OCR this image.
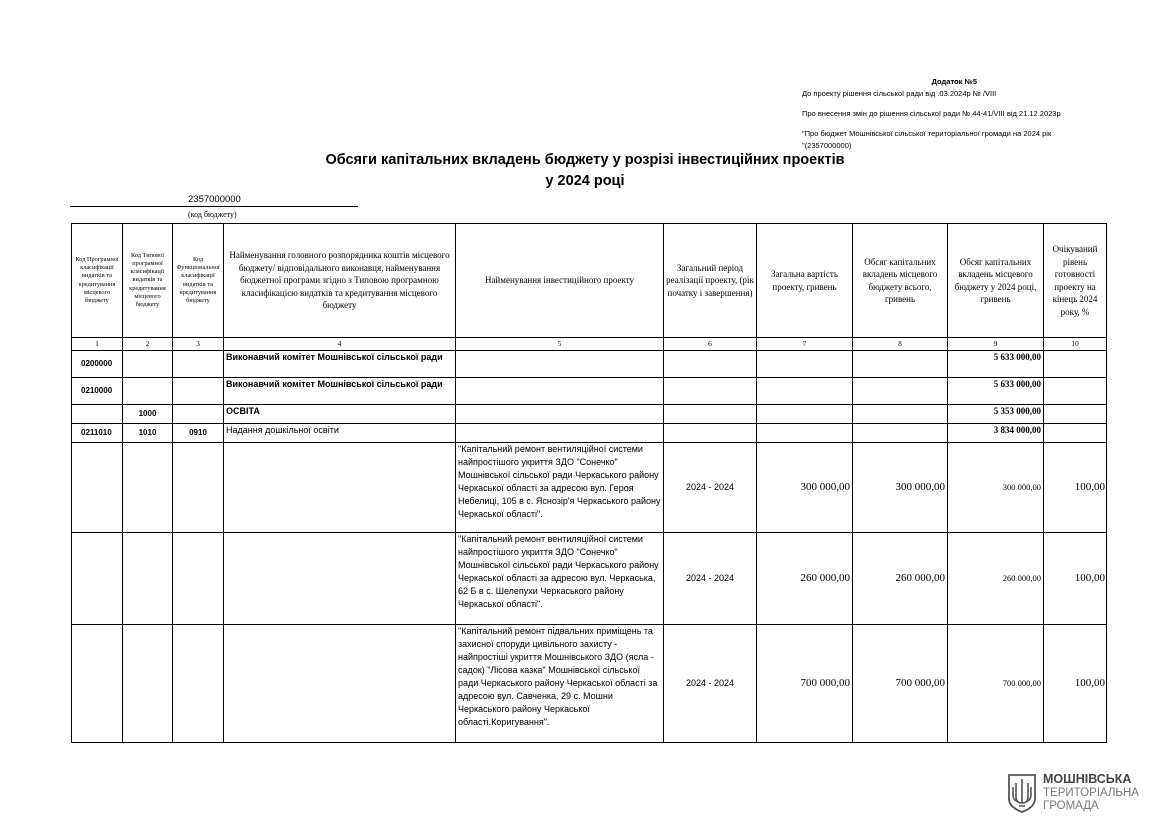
Додаток №5
До проекту рішення сільської ради від .03.2024р № /VIII
Про внесення змін до рішення сільської ради № 44-41/VIII від 21.12.2023р
"Про бюджет Мошнівської сільської територіальної громади на 2024 рік
"(2357000000)
Обсяги капітальних вкладень бюджету у розрізі інвестиційних проектів
у 2024 році
2357000000
(код бюджету)
Код Програмної класифікації видатків та кредитування місцевого бюджету	Код Типової програмної класифікації видатків та кредитування місцевого бюджету	Код Функціональної класифікації видатків та кредитування бюджету	Найменування головного розпорядника коштів місцевого бюджету/ відповідального виконавця, найменування бюджетної програми згідно з Типовою програмною класифікацією видатків та кредитування місцевого бюджету	Найменування інвестиційного проекту	Загальний період реалізації проекту, (рік початку і завершення)	Загальна вартість проекту, гривень	Обсяг капітальних вкладень місцевого бюджету всього, гривень	Обсяг капітальних вкладень місцевого бюджету у 2024 році, гривень	Очікуваний рівень готовності проекту на кінець 2024 року, %
1	2	3	4	5	6	7	8	9	10
0200000			Виконавчий комітет Мошнівської сільської ради					5 633 000,00	
0210000			Виконавчий комітет Мошнівської сільської ради					5 633 000,00	
	1000		ОСВІТА					5 353 000,00	
0211010	1010	0910	Надання дошкільної освіти					3 834 000,00	
				"Капітальний ремонт вентиляційної системи найпростішого укриття ЗДО "Сонечко" Мошнівської сільської ради Черкаського району Черкаської області за адресою вул. Героя Небелиці, 105 в с. Яснозір'я Черкаського району Черкаської області".	2024 - 2024	300 000,00	300 000,00	300 000,00	100,00
				"Капітальний ремонт вентиляційної системи найпростішого укриття ЗДО "Сонечко" Мошнівської сільської ради Черкаського району Черкаської області за адресою вул. Черкаська, 62 Б в с. Шелепухи Черкаського району Черкаської області".	2024 - 2024	260 000,00	260 000,00	260 000,00	100,00
				"Капітальний ремонт підвальних приміщень та захисної споруди цивільного захисту - найпростіші укриття Мошнівського ЗДО (ясла - садок) "Лісова казка" Мошнівської сільської ради Черкаського району Черкаської області за адресою вул. Савченка, 29 с. Мошни Черкаського району Черкаської області.Коригування".	2024 - 2024	700 000,00	700 000,00	700 000,00	100,00
МОШНІВСЬКА
ТЕРИТОРІАЛЬНА
ГРОМАДА
